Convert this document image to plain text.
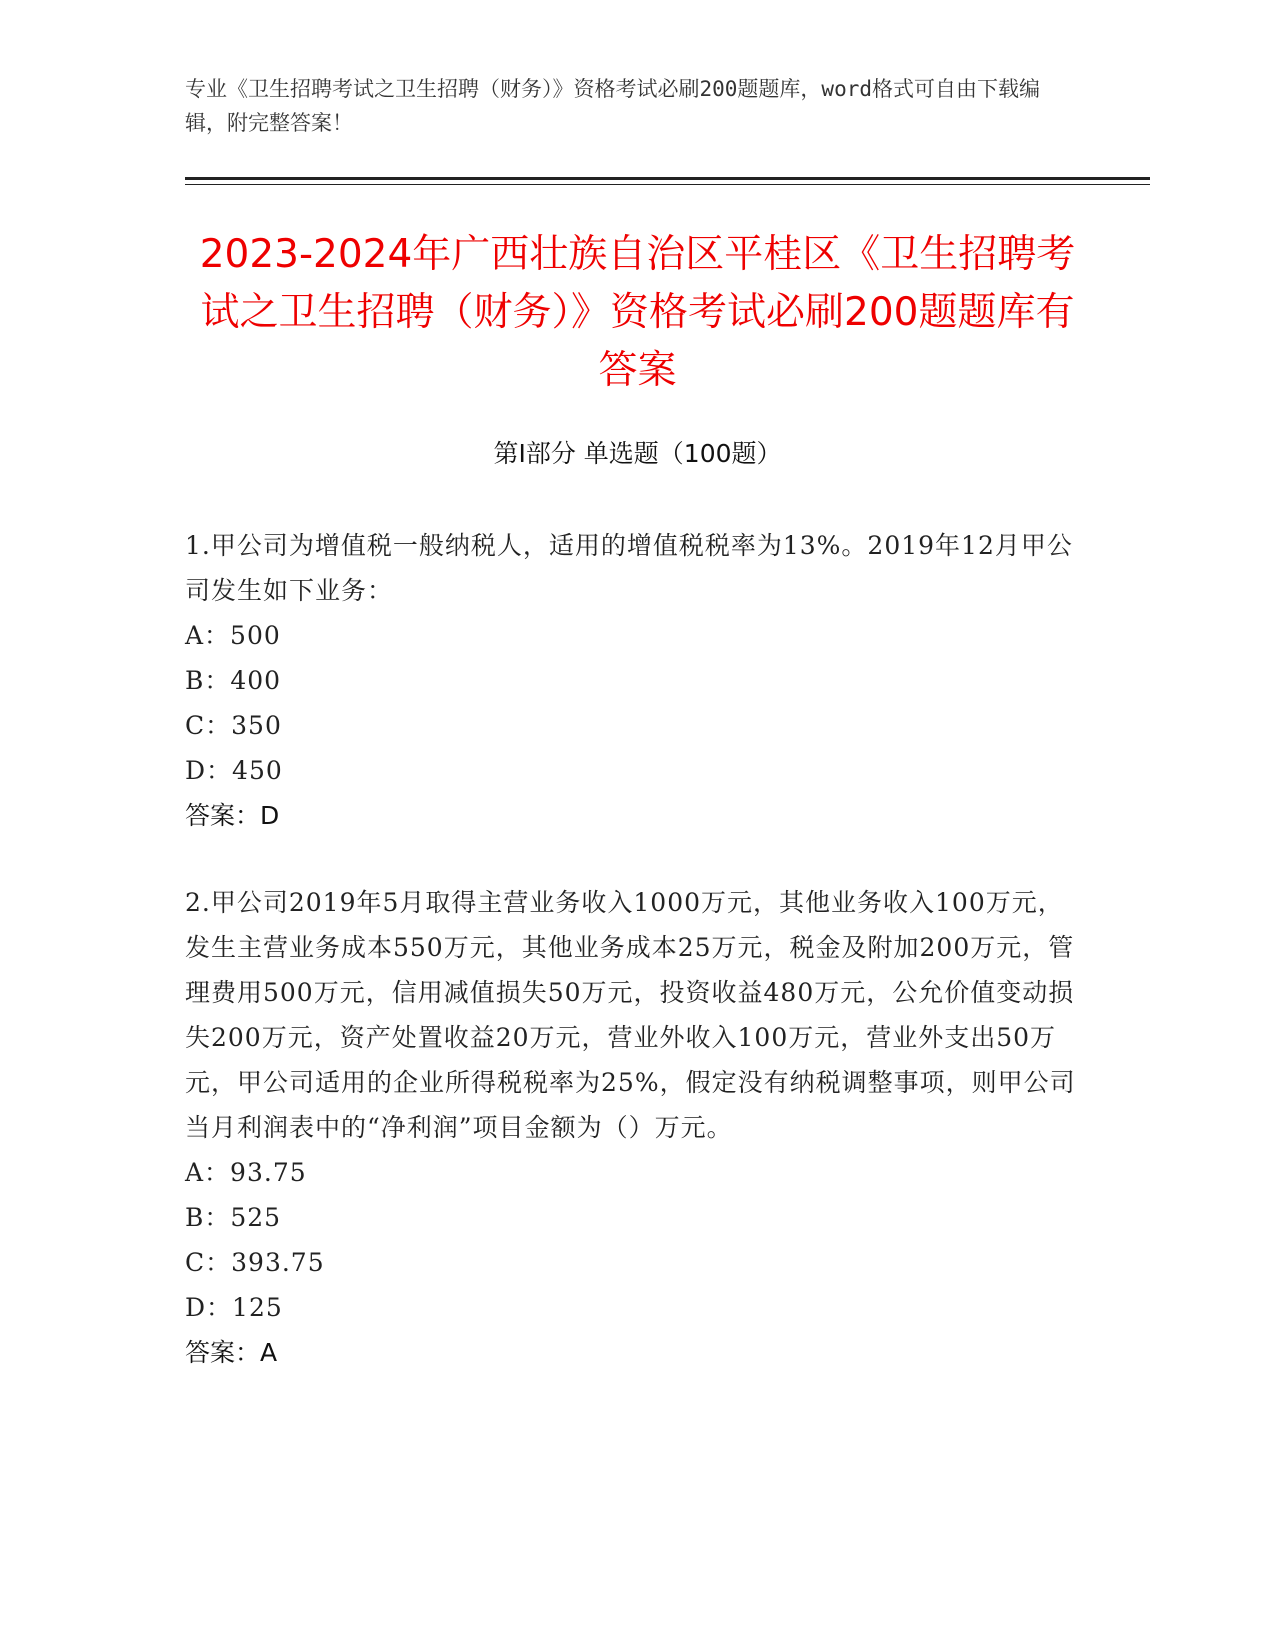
专业《卫生招聘考试之卫生招聘（财务）》资格考试必刷200题题库，word格式可自由下载编辑，附完整答案！
2023-2024年广西壮族自治区平桂区《卫生招聘考试之卫生招聘（财务）》资格考试必刷200题题库有答案
第Ⅰ部分 单选题（100题）
1.甲公司为增值税一般纳税人，适用的增值税税率为13%。2019年12月甲公司发生如下业务：
A：500
B：400
C：350
D：450
答案：D
2.甲公司2019年5月取得主营业务收入1000万元，其他业务收入100万元，发生主营业务成本550万元，其他业务成本25万元，税金及附加200万元，管理费用500万元，信用减值损失50万元，投资收益480万元，公允价值变动损失200万元，资产处置收益20万元，营业外收入100万元，营业外支出50万元，甲公司适用的企业所得税税率为25%，假定没有纳税调整事项，则甲公司当月利润表中的“净利润”项目金额为（）万元。
A：93.75
B：525
C：393.75
D：125
答案：A
